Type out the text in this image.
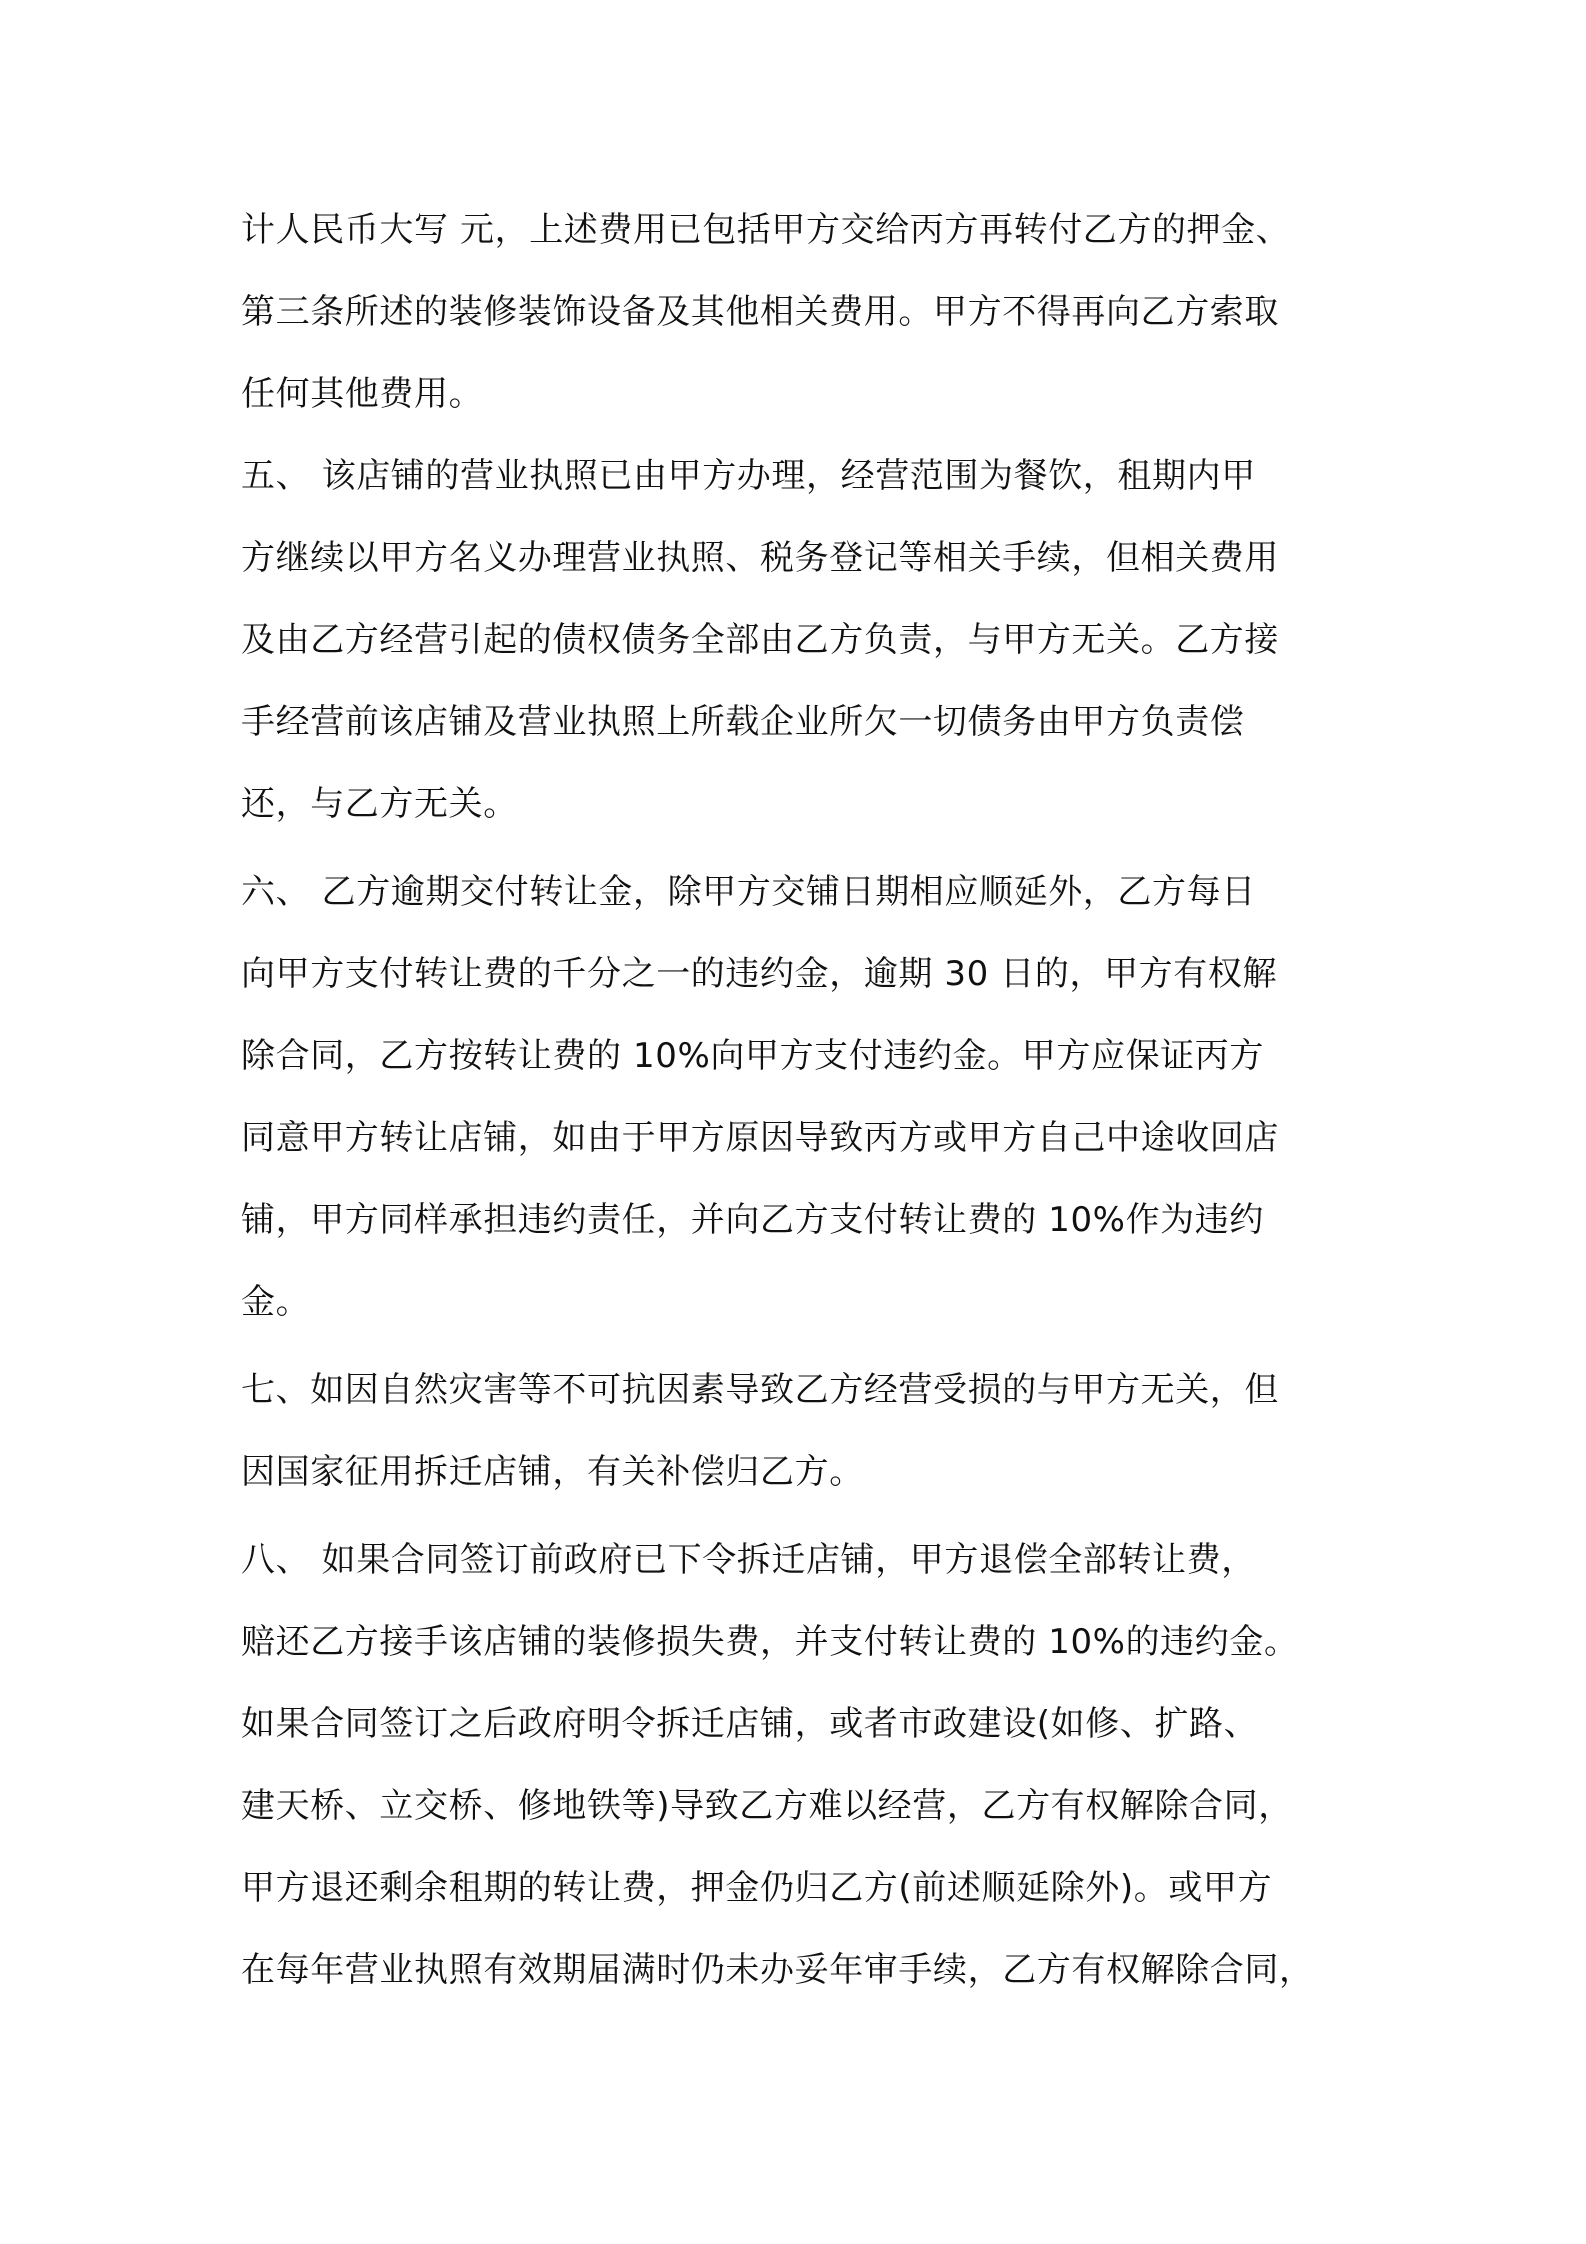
计人民币大写 元，上述费用已包括甲方交给丙方再转付乙方的押金、
第三条所述的装修装饰设备及其他相关费用。甲方不得再向乙方索取
任何其他费用。
五、 该店铺的营业执照已由甲方办理，经营范围为餐饮，租期内甲
方继续以甲方名义办理营业执照、税务登记等相关手续，但相关费用
及由乙方经营引起的债权债务全部由乙方负责，与甲方无关。乙方接
手经营前该店铺及营业执照上所载企业所欠一切债务由甲方负责偿
还，与乙方无关。
六、 乙方逾期交付转让金，除甲方交铺日期相应顺延外，乙方每日
向甲方支付转让费的千分之一的违约金，逾期 30 日的，甲方有权解
除合同，乙方按转让费的 10%向甲方支付违约金。甲方应保证丙方
同意甲方转让店铺，如由于甲方原因导致丙方或甲方自己中途收回店
铺，甲方同样承担违约责任，并向乙方支付转让费的 10%作为违约
金。
七、如因自然灾害等不可抗因素导致乙方经营受损的与甲方无关，但
因国家征用拆迁店铺，有关补偿归乙方。
八、 如果合同签订前政府已下令拆迁店铺，甲方退偿全部转让费，
赔还乙方接手该店铺的装修损失费，并支付转让费的 10%的违约金。
如果合同签订之后政府明令拆迁店铺，或者市政建设(如修、扩路、
建天桥、立交桥、修地铁等)导致乙方难以经营，乙方有权解除合同，
甲方退还剩余租期的转让费，押金仍归乙方(前述顺延除外)。或甲方
在每年营业执照有效期届满时仍未办妥年审手续，乙方有权解除合同，
